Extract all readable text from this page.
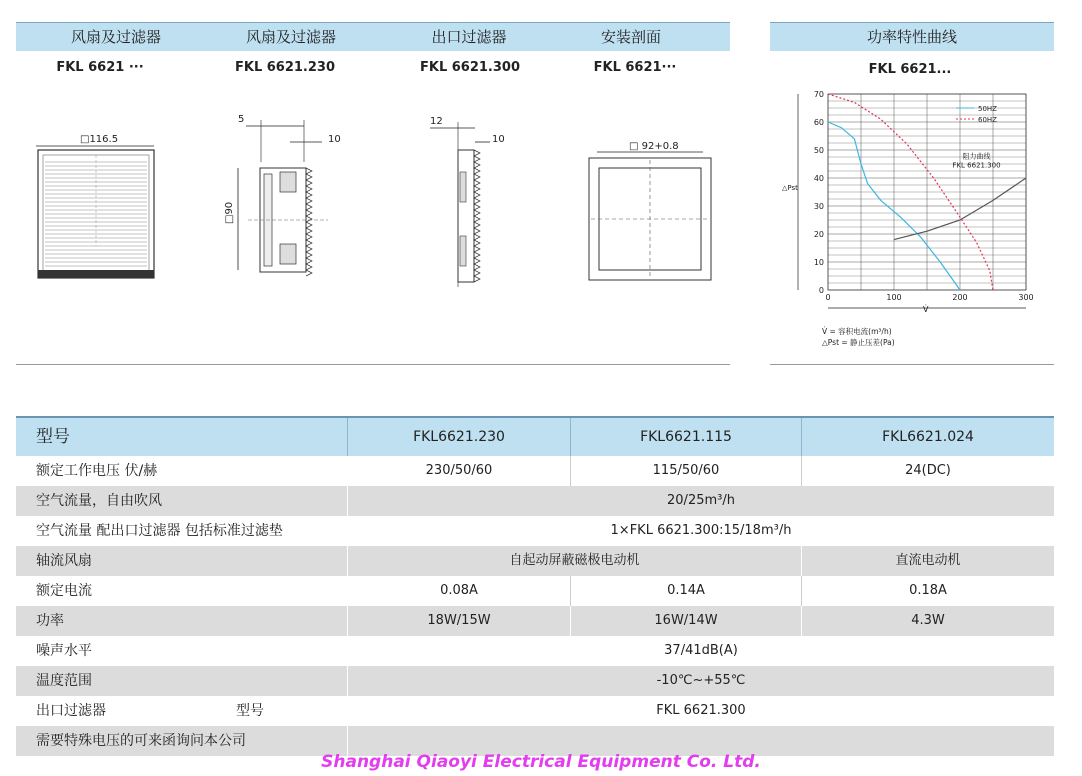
风扇及过滤器	风扇及过滤器	出口过滤器	安装剖面	功率特性曲线
FKL 6621 ···	FKL 6621.230	FKL 6621.300	FKL 6621···	FKL 6621...
□116.5
5
10
□90
12
10
□ 92+0.8
0
10
20
30
40
50
60
70
0	100	200	300
△Pst
V̇
50HZ
60HZ
阻力曲线
FKL 6621.300
V̇ = 容积电流(m³/h)
△Pst = 静止压差(Pa)
型号	FKL6621.230	FKL6621.115	FKL6621.024
额定工作电压 伏/赫	230/50/60	115/50/60	24(DC)
空气流量，自由吹风	20/25m³/h
空气流量 配出口过滤器 包括标准过滤垫	1×FKL 6621.300:15/18m³/h
轴流风扇	自起动屏蔽磁极电动机	直流电动机
额定电流	0.08A	0.14A	0.18A
功率	18W/15W	16W/14W	4.3W
噪声水平	37/41dB(A)
温度范围	-10℃~+55℃
出口过滤器	型号	FKL 6621.300
需要特殊电压的可来函询问本公司
Shanghai Qiaoyi Electrical Equipment Co. Ltd.
